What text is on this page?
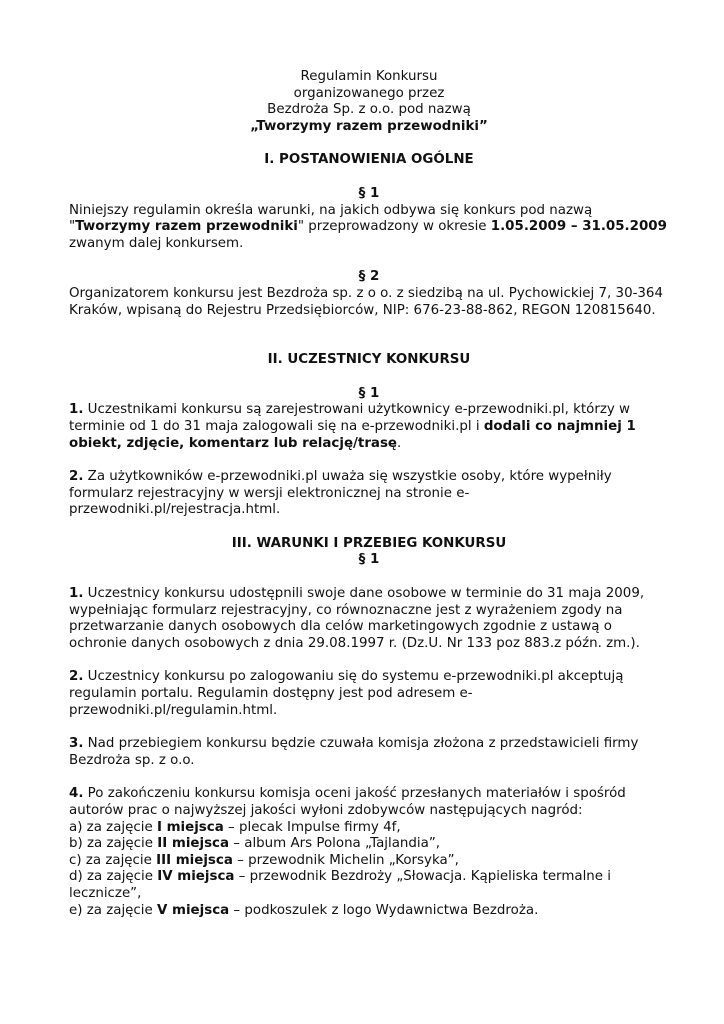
Regulamin Konkursu

organizowanego przez

Bezdroża Sp. z o.o. pod nazwą

„Tworzymy razem przewodniki”

I. POSTANOWIENIA OGÓLNE

§ 1

Niniejszy regulamin określa warunki, na jakich odbywa się konkurs pod nazwą
"Tworzymy razem przewodniki" przeprowadzony w okresie 1.05.2009 – 31.05.2009
zwanym dalej konkursem.

§ 2

Organizatorem konkursu jest Bezdroża sp. z o o. z siedzibą na ul. Pychowickiej 7, 30-364 Kraków, wpisaną do Rejestru Przedsiębiorców, NIP: 676-23-88-862, REGON 120815640.

II. UCZESTNICY KONKURSU

§ 1

1. Uczestnikami konkursu są zarejestrowani użytkownicy e-przewodniki.pl, którzy w terminie od 1 do 31 maja zalogowali się na e-przewodniki.pl i dodali co najmniej 1 obiekt, zdjęcie, komentarz lub relację/trasę.

2. Za użytkowników e-przewodniki.pl uważa się wszystkie osoby, które wypełniły formularz rejestracyjny w wersji elektronicznej na stronie e-przewodniki.pl/rejestracja.html.

III. WARUNKI I PRZEBIEG KONKURSU

§ 1

1. Uczestnicy konkursu udostępnili swoje dane osobowe w terminie do 31 maja 2009, wypełniając formularz rejestracyjny, co równoznaczne jest z wyrażeniem zgody na przetwarzanie danych osobowych dla celów marketingowych zgodnie z ustawą o ochronie danych osobowych z dnia 29.08.1997 r. (Dz.U. Nr 133 poz 883.z późn. zm.).

2. Uczestnicy konkursu po zalogowaniu się do systemu e-przewodniki.pl akceptują regulamin portalu. Regulamin dostępny jest pod adresem e-przewodniki.pl/regulamin.html.

3. Nad przebiegiem konkursu będzie czuwała komisja złożona z przedstawicieli firmy Bezdroża sp. z o.o.

4. Po zakończeniu konkursu komisja oceni jakość przesłanych materiałów i spośród autorów prac o najwyższej jakości wyłoni zdobywców następujących nagród:

a) za zajęcie I miejsca – plecak Impulse firmy 4f,

b) za zajęcie II miejsca – album Ars Polona „Tajlandia”,

c) za zajęcie III miejsca – przewodnik Michelin „Korsyka”,

d) za zajęcie IV miejsca – przewodnik Bezdroży „Słowacja. Kąpieliska termalne i lecznicze”,

e) za zajęcie V miejsca – podkoszulek z logo Wydawnictwa Bezdroża.
